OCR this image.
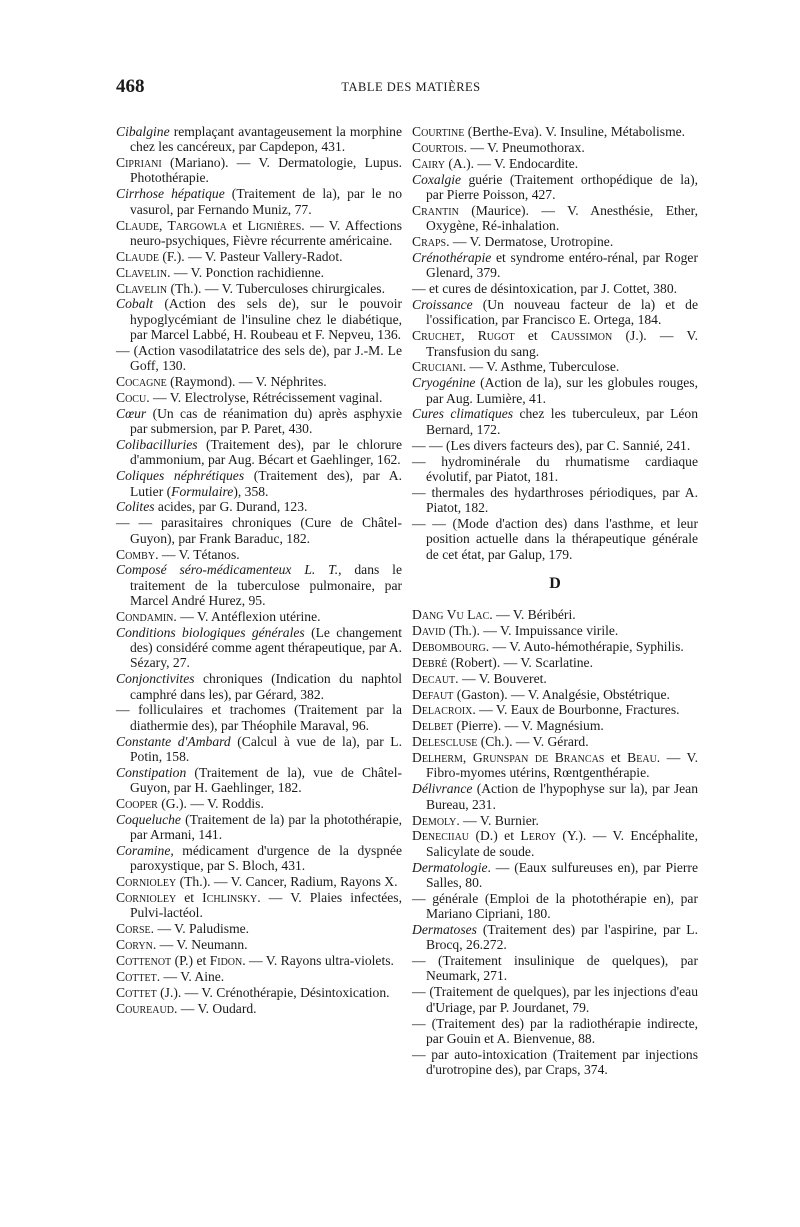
468	TABLE DES MATIÈRES

Cibalgine remplaçant avantageusement la morphine chez les cancéreux, par Capdepon, 431.

Cipriani (Mariano). — V. Dermatologie, Lupus. Photothérapie.

Cirrhose hépatique (Traitement de la), par le no vasurol, par Fernando Muniz, 77.

Claude, Targowla et Lignières. — V. Affections neuro-psychiques, Fièvre récurrente américaine.

Claude (F.). — V. Pasteur Vallery-Radot.

Clavelin. — V. Ponction rachidienne.

Clavelin (Th.). — V. Tuberculoses chirurgicales.

Cobalt (Action des sels de), sur le pouvoir hypoglycémiant de l'insuline chez le diabétique, par Marcel Labbé, H. Roubeau et F. Nepveu, 136.

— (Action vasodilatatrice des sels de), par J.-M. Le Goff, 130.

Cocagne (Raymond). — V. Néphrites.

Cocu. — V. Electrolyse, Rétrécissement vaginal.

Cœur (Un cas de réanimation du) après asphyxie par submersion, par P. Paret, 430.

Colibacilluries (Traitement des), par le chlorure d'ammonium, par Aug. Bécart et Gaehlinger, 162.

Coliques néphrétiques (Traitement des), par A. Lutier (Formulaire), 358.

Colites acides, par G. Durand, 123.

— — parasitaires chroniques (Cure de Châtel-Guyon), par Frank Baraduc, 182.

Comby. — V. Tétanos.

Composé séro-médicamenteux L. T., dans le traitement de la tuberculose pulmonaire, par Marcel André Hurez, 95.

Condamin. — V. Antéflexion utérine.

Conditions biologiques générales (Le changement des) considéré comme agent thérapeutique, par A. Sézary, 27.

Conjonctivites chroniques (Indication du naphtol camphré dans les), par Gérard, 382.

— folliculaires et trachomes (Traitement par la diathermie des), par Théophile Maraval, 96.

Constante d'Ambard (Calcul à vue de la), par L. Potin, 158.

Constipation (Traitement de la), vue de Châtel-Guyon, par H. Gaehlinger, 182.

Cooper (G.). — V. Roddis.

Coqueluche (Traitement de la) par la photothérapie, par Armani, 141.

Coramine, médicament d'urgence de la dyspnée paroxystique, par S. Bloch, 431.

Cornioley (Th.). — V. Cancer, Radium, Rayons X.

Cornioley et Ichlinsky. — V. Plaies infectées, Pulvi-lactéol.

Corse. — V. Paludisme.

Coryn. — V. Neumann.

Cottenot (P.) et Fidon. — V. Rayons ultra-violets.

Cottet. — V. Aine.

Cottet (J.). — V. Crénothérapie, Désintoxication.

Coureaud. — V. Oudard.

Courtine (Berthe-Eva). V. Insuline, Métabolisme.

Courtois. — V. Pneumothorax.

Cairy (A.). — V. Endocardite.

Coxalgie guérie (Traitement orthopédique de la), par Pierre Poisson, 427.

Crantin (Maurice). — V. Anesthésie, Ether, Oxygène, Ré-inhalation.

Craps. — V. Dermatose, Urotropine.

Crénothérapie et syndrome entéro-rénal, par Roger Glenard, 379.

— et cures de désintoxication, par J. Cottet, 380.

Croissance (Un nouveau facteur de la) et de l'ossification, par Francisco E. Ortega, 184.

Cruchet, Rugot et Caussimon (J.). — V. Transfusion du sang.

Cruciani. — V. Asthme, Tuberculose.

Cryogénine (Action de la), sur les globules rouges, par Aug. Lumière, 41.

Cures climatiques chez les tuberculeux, par Léon Bernard, 172.

— — (Les divers facteurs des), par C. Sannié, 241.

— hydrominérale du rhumatisme cardiaque évolutif, par Piatot, 181.

— thermales des hydarthroses périodiques, par A. Piatot, 182.

— — (Mode d'action des) dans l'asthme, et leur position actuelle dans la thérapeutique générale de cet état, par Galup, 179.

D

Dang Vu Lac. — V. Béribéri.

David (Th.). — V. Impuissance virile.

Debombourg. — V. Auto-hémothérapie, Syphilis.

Debré (Robert). — V. Scarlatine.

Decaut. — V. Bouveret.

Defaut (Gaston). — V. Analgésie, Obstétrique.

Delacroix. — V. Eaux de Bourbonne, Fractures.

Delbet (Pierre). — V. Magnésium.

Delescluse (Ch.). — V. Gérard.

Delherm, Grunspan de Brancas et Beau. — V. Fibro-myomes utérins, Rœntgenthérapie.

Délivrance (Action de l'hypophyse sur la), par Jean Bureau, 231.

Demoly. — V. Burnier.

Deneciiau (D.) et Leroy (Y.). — V. Encéphalite, Salicylate de soude.

Dermatologie. — (Eaux sulfureuses en), par Pierre Salles, 80.

— générale (Emploi de la photothérapie en), par Mariano Cipriani, 180.

Dermatoses (Traitement des) par l'aspirine, par L. Brocq, 26.272.

— (Traitement insulinique de quelques), par Neumark, 271.

— (Traitement de quelques), par les injections d'eau d'Uriage, par P. Jourdanet, 79.

— (Traitement des) par la radiothérapie indirecte, par Gouin et A. Bienvenue, 88.

— par auto-intoxication (Traitement par injections d'urotropine des), par Craps, 374.
